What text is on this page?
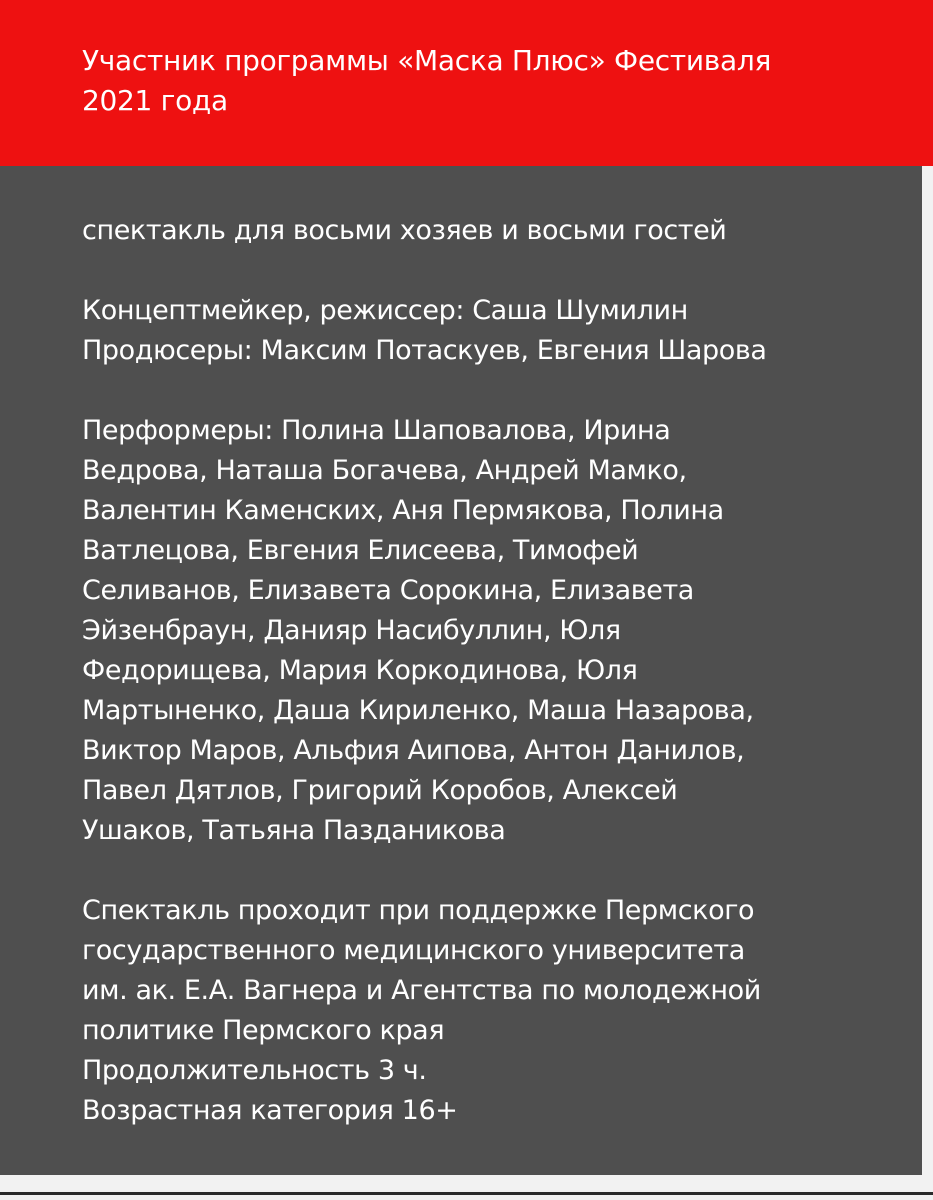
Участник программы «Маска Плюс» Фестиваля
2021 года

спектакль для восьми хозяев и восьми гостей

Концептмейкер, режиссер: Саша Шумилин

Продюсеры: Максим Потаскуев, Евгения Шарова

Перформеры: Полина Шаповалова, Ирина

Ведрова, Наташа Богачева, Андрей Мамко,

Валентин Каменских, Аня Пермякова, Полина

Ватлецова, Евгения Елисеева, Тимофей

Селиванов, Елизавета Сорокина, Елизавета

Эйзенбраун, Данияр Насибуллин, Юля

Федорищева, Мария Коркодинова, Юля

Мартыненко, Даша Кириленко, Маша Назарова,

Виктор Маров, Альфия Аипова, Антон Данилов,

Павел Дятлов, Григорий Коробов, Алексей

Ушаков, Татьяна Пазданикова

Спектакль проходит при поддержке Пермского

государственного медицинского университета

им. ак. Е.А. Вагнера и Агентства по молодежной

политике Пермского края

Продолжительность 3 ч.

Возрастная категория 16+
